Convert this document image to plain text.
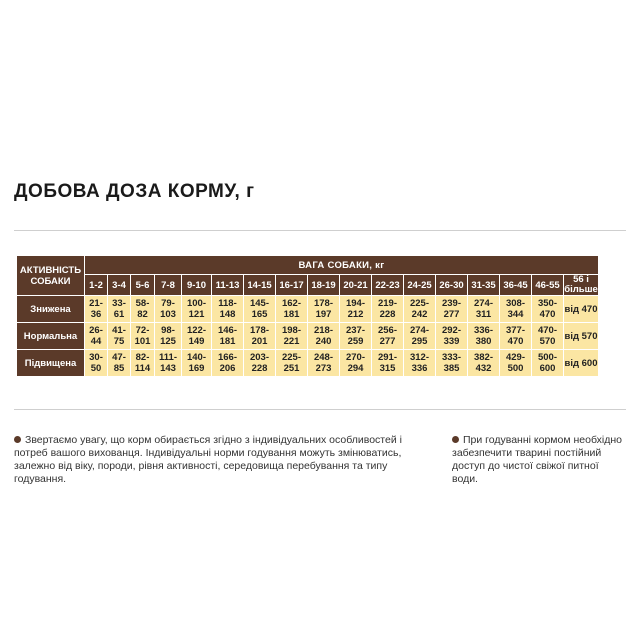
ДОБОВА ДОЗА КОРМУ, г
АКТИВНІСТЬ СОБАКИ	ВАГА СОБАКИ, кг																
	1-2	3-4	5-6	7-8	9-10	11-13	14-15	16-17	18-19	20-21	22-23	24-25	26-30	31-35	36-45	46-55	56 і більше
Знижена	21-36	33-61	58-82	79-103	100-121	118-148	145-165	162-181	178-197	194-212	219-228	225-242	239-277	274-311	308-344	350-470	від 470
Нормальна	26-44	41-75	72-101	98-125	122-149	146-181	178-201	198-221	218-240	237-259	256-277	274-295	292-339	336-380	377-470	470-570	від 570
Підвищена	30-50	47-85	82-114	111-143	140-169	166-206	203-228	225-251	248-273	270-294	291-315	312-336	333-385	382-432	429-500	500-600	від 600
Звертаємо увагу, що корм обирається згідно з індивідуальних особливостей і потреб вашого вихованця. Індивідуальні норми годування можуть змінюватись, залежно від віку, породи, рівня активності, середовища перебування та типу годування.
При годуванні кормом необхідно забезпечити тварині постійний доступ до чистої свіжої питної води.
